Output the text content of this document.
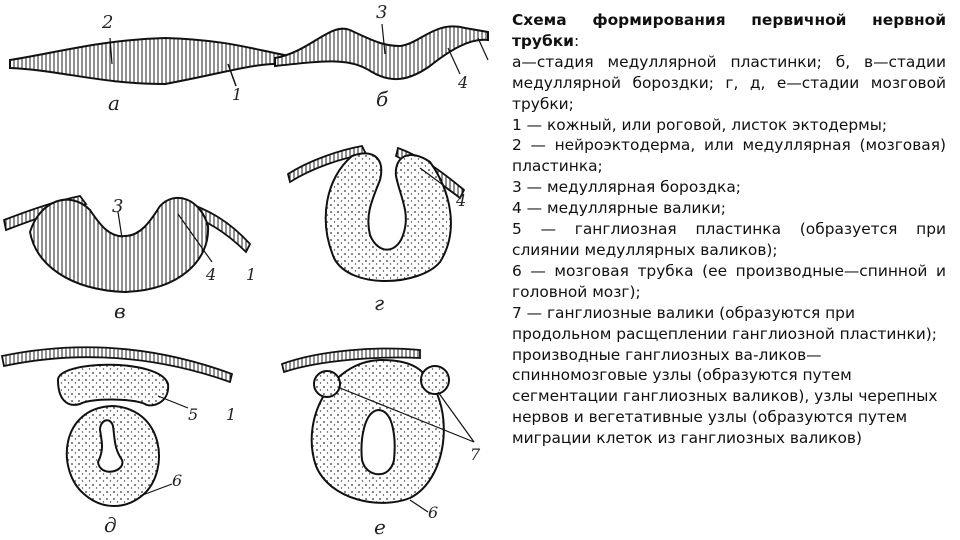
2
1
а
3
4
б
3
4 1
в
4
г
5
6
1
д
7
6
е

Схема формирования первичной нервной трубки:

а—стадия медуллярной пластинки; б, в—стадии медуллярной бороздки; г, д, е—стадии мозговой трубки;

1 — кожный, или роговой, листок эктодермы;

2 — нейроэктодерма, или медуллярная (мозговая) пластинка;

3 — медуллярная бороздка;

4 — медуллярные валики;

5 — ганглиозная пластинка (образуется при слиянии медуллярных валиков);

6 — мозговая трубка (ее производные—спинной и головной мозг);

7 — ганглиозные валики (образуются при продольном расщеплении ганглиозной пластинки); производные ганглиозных ва-ликов—спинномозговые узлы (образуются путем сегментации ганглиозных валиков), узлы черепных нервов и вегетативные узлы (образуются путем миграции клеток из ганглиозных валиков)
